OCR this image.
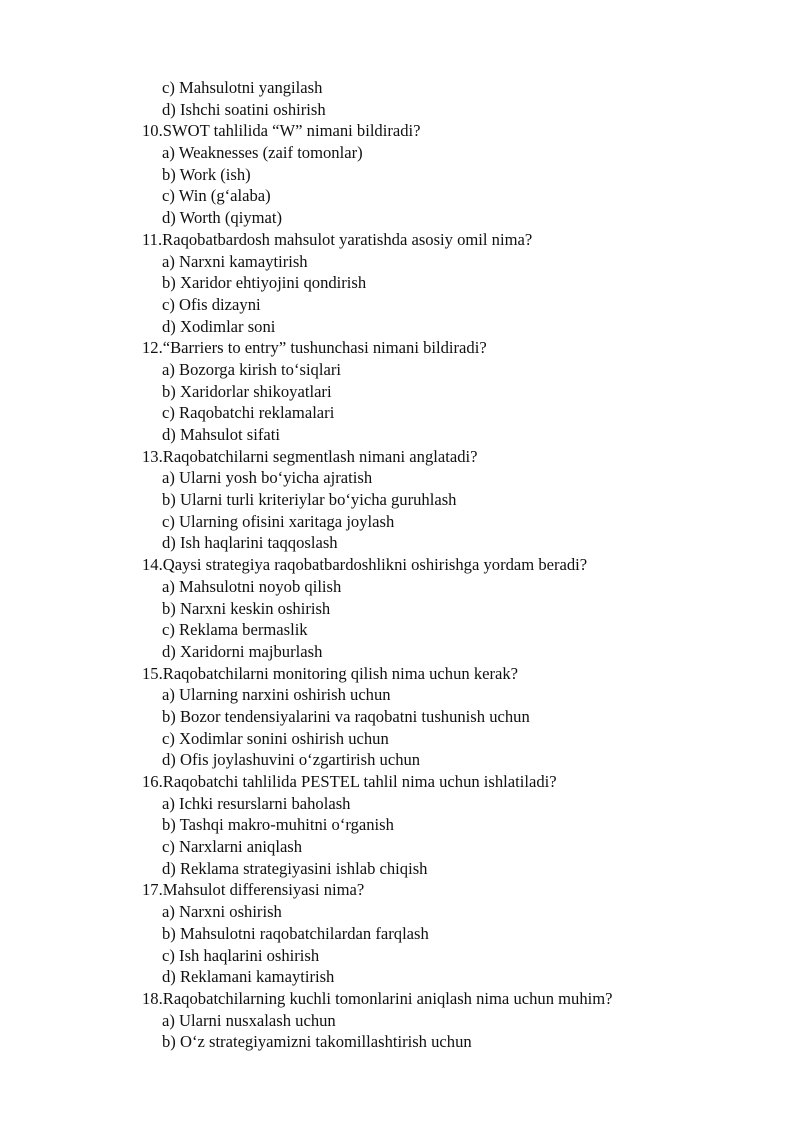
c) Mahsulotni yangilash
d) Ishchi soatini oshirish
10.SWOT tahlilida “W” nimani bildiradi?
a) Weaknesses (zaif tomonlar)
b) Work (ish)
c) Win (g‘alaba)
d) Worth (qiymat)
11.Raqobatbardosh mahsulot yaratishda asosiy omil nima?
a) Narxni kamaytirish
b) Xaridor ehtiyojini qondirish
c) Ofis dizayni
d) Xodimlar soni
12.“Barriers to entry” tushunchasi nimani bildiradi?
a) Bozorga kirish to‘siqlari
b) Xaridorlar shikoyatlari
c) Raqobatchi reklamalari
d) Mahsulot sifati
13.Raqobatchilarni segmentlash nimani anglatadi?
a) Ularni yosh bo‘yicha ajratish
b) Ularni turli kriteriylar bo‘yicha guruhlash
c) Ularning ofisini xaritaga joylash
d) Ish haqlarini taqqoslash
14.Qaysi strategiya raqobatbardoshlikni oshirishga yordam beradi?
a) Mahsulotni noyob qilish
b) Narxni keskin oshirish
c) Reklama bermaslik
d) Xaridorni majburlash
15.Raqobatchilarni monitoring qilish nima uchun kerak?
a) Ularning narxini oshirish uchun
b) Bozor tendensiyalarini va raqobatni tushunish uchun
c) Xodimlar sonini oshirish uchun
d) Ofis joylashuvini o‘zgartirish uchun
16.Raqobatchi tahlilida PESTEL tahlil nima uchun ishlatiladi?
a) Ichki resurslarni baholash
b) Tashqi makro-muhitni o‘rganish
c) Narxlarni aniqlash
d) Reklama strategiyasini ishlab chiqish
17.Mahsulot differensiyasi nima?
a) Narxni oshirish
b) Mahsulotni raqobatchilardan farqlash
c) Ish haqlarini oshirish
d) Reklamani kamaytirish
18.Raqobatchilarning kuchli tomonlarini aniqlash nima uchun muhim?
a) Ularni nusxalash uchun
b) O‘z strategiyamizni takomillashtirish uchun
